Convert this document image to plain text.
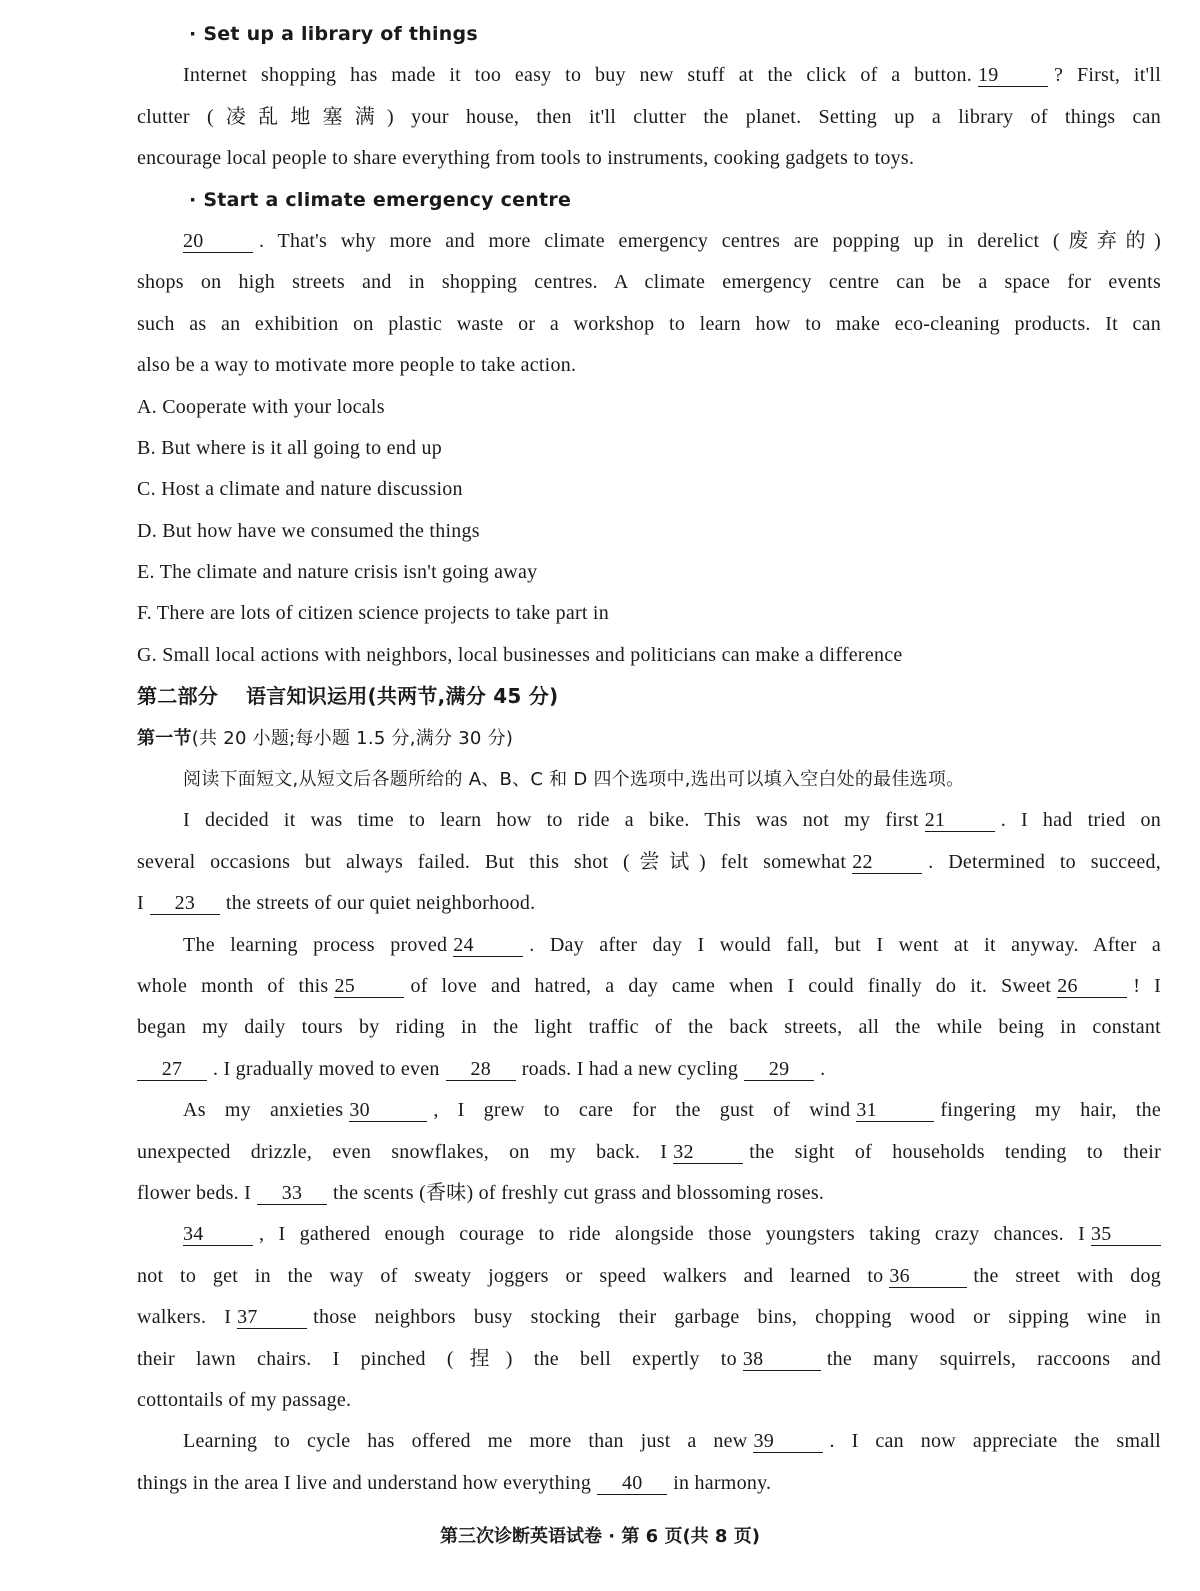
· Set up a library of things
Internet shopping has made it too easy to buy new stuff at the click of a button. 19	? First, it'll
clutter (凌乱地塞满) your house, then it'll clutter the planet. Setting up a library of things can
encourage local people to share everything from tools to instruments, cooking gadgets to toys.
· Start a climate emergency centre
20	. That's why more and more climate emergency centres are popping up in derelict (废弃的)
shops on high streets and in shopping centres. A climate emergency centre can be a space for events
such as an exhibition on plastic waste or a workshop to learn how to make eco-cleaning products. It can
also be a way to motivate more people to take action.
A. Cooperate with your locals
B. But where is it all going to end up
C. Host a climate and nature discussion
D. But how have we consumed the things
E. The climate and nature crisis isn't going away
F. There are lots of citizen science projects to take part in
G. Small local actions with neighbors, local businesses and politicians can make a difference
第二部分 语言知识运用(共两节,满分 45 分)
第一节(共 20 小题;每小题 1.5 分,满分 30 分)
阅读下面短文,从短文后各题所给的 A、B、C 和 D 四个选项中,选出可以填入空白处的最佳选项。
I decided it was time to learn how to ride a bike. This was not my first 21	. I had tried on
several occasions but always failed. But this shot (尝试) felt somewhat 22	. Determined to succeed,
I 23 the streets of our quiet neighborhood.
The learning process proved 24	. Day after day I would fall, but I went at it anyway. After a
whole month of this 25	of love and hatred, a day came when I could finally do it. Sweet 26	! I
began my daily tours by riding in the light traffic of the back streets, all the while being in constant
27 . I gradually moved to even 28 roads. I had a new cycling 29 .
As my anxieties 30	, I grew to care for the gust of wind 31	fingering my hair, the
unexpected drizzle, even snowflakes, on my back. I 32	the sight of households tending to their
flower beds. I 33 the scents (香味) of freshly cut grass and blossoming roses.
34	, I gathered enough courage to ride alongside those youngsters taking crazy chances. I 35
not to get in the way of sweaty joggers or speed walkers and learned to 36	the street with dog
walkers. I 37	those neighbors busy stocking their garbage bins, chopping wood or sipping wine in
their lawn chairs. I pinched (捏) the bell expertly to 38	the many squirrels, raccoons and
cottontails of my passage.
Learning to cycle has offered me more than just a new 39	. I can now appreciate the small
things in the area I live and understand how everything 40 in harmony.
第三次诊断英语试卷 · 第 6 页(共 8 页)
